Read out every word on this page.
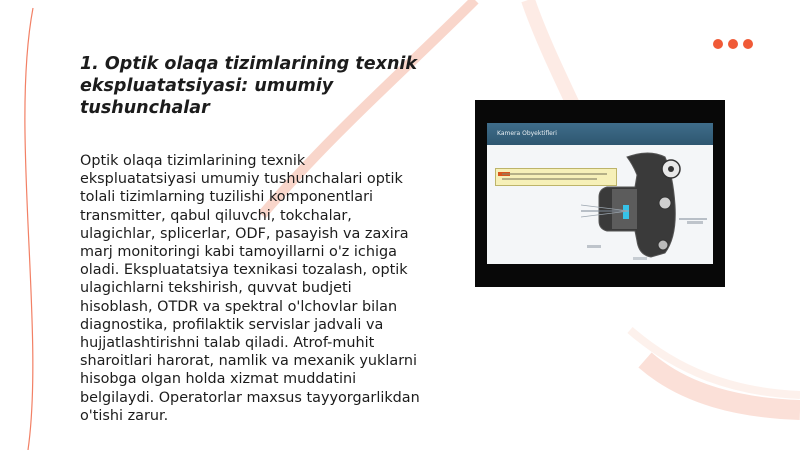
1. Optik olaqa tizimlarining texnik ekspluatatsiyasi: umumiy tushunchalar

Optik olaqa tizimlarining texnik ekspluatatsiyasi umumiy tushunchalari optik tolali tizimlarning tuzilishi komponentlari transmitter, qabul qiluvchi, tokchalar, ulagichlar, splicerlar, ODF, pasayish va zaxira marj monitoringi kabi tamoyillarni o'z ichiga oladi. Ekspluatatsiya texnikasi tozalash, optik ulagichlarni tekshirish, quvvat budjeti hisoblash, OTDR va spektral o'lchovlar bilan diagnostika, profilaktik servislar jadvali va hujjatlashtirishni talab qiladi. Atrof-muhit sharoitlari harorat, namlik va mexanik yuklarni hisobga olgan holda xizmat muddatini belgilaydi. Operatorlar maxsus tayyorgarlikdan o'tishi zarur.

Kamera Obyektifleri
